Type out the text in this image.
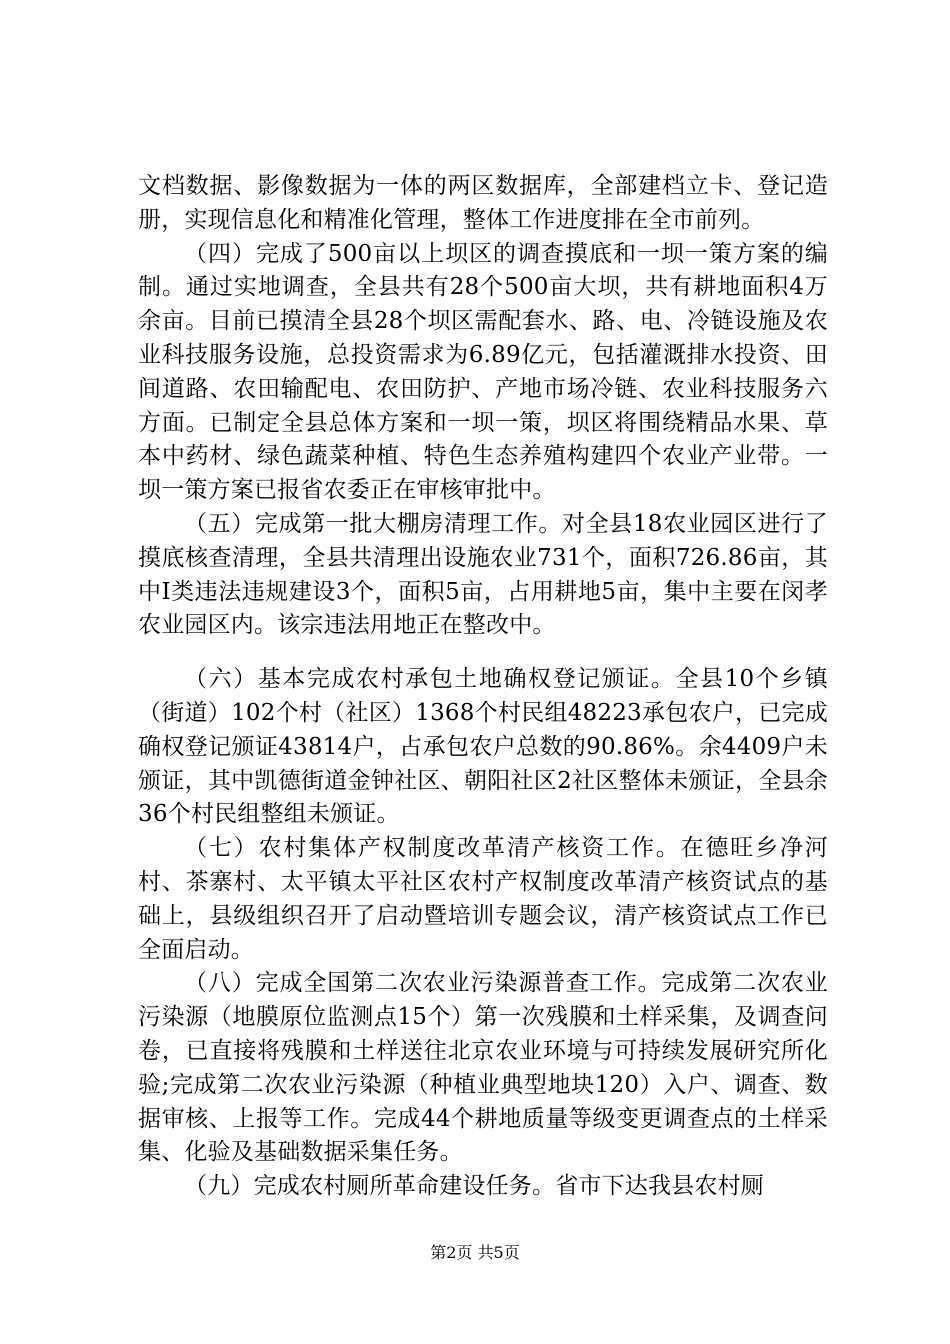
文档数据、影像数据为一体的两区数据库，全部建档立卡、登记造册，实现信息化和精准化管理，整体工作进度排在全市前列。

（四）完成了500亩以上坝区的调查摸底和一坝一策方案的编制。通过实地调查，全县共有28个500亩大坝，共有耕地面积4万余亩。目前已摸清全县28个坝区需配套水、路、电、冷链设施及农业科技服务设施，总投资需求为6.89亿元，包括灌溉排水投资、田间道路、农田输配电、农田防护、产地市场冷链、农业科技服务六方面。已制定全县总体方案和一坝一策，坝区将围绕精品水果、草本中药材、绿色蔬菜种植、特色生态养殖构建四个农业产业带。一坝一策方案已报省农委正在审核审批中。

（五）完成第一批大棚房清理工作。对全县18农业园区进行了摸底核查清理，全县共清理出设施农业731个，面积726.86亩，其中Ⅰ类违法违规建设3个，面积5亩，占用耕地5亩，集中主要在闵孝农业园区内。该宗违法用地正在整改中。

（六）基本完成农村承包土地确权登记颁证。全县10个乡镇（街道）102个村（社区）1368个村民组48223承包农户，已完成确权登记颁证43814户，占承包农户总数的90.86%。余4409户未颁证，其中凯德街道金钟社区、朝阳社区2社区整体未颁证，全县余36个村民组整组未颁证。

（七）农村集体产权制度改革清产核资工作。在德旺乡净河村、茶寨村、太平镇太平社区农村产权制度改革清产核资试点的基础上，县级组织召开了启动暨培训专题会议，清产核资试点工作已全面启动。

（八）完成全国第二次农业污染源普查工作。完成第二次农业污染源（地膜原位监测点15个）第一次残膜和土样采集，及调查问卷，已直接将残膜和土样送往北京农业环境与可持续发展研究所化验;完成第二次农业污染源（种植业典型地块120）入户、调查、数据审核、上报等工作。完成44个耕地质量等级变更调查点的土样采集、化验及基础数据采集任务。

（九）完成农村厕所革命建设任务。省市下达我县农村厕

第2页 共5页
